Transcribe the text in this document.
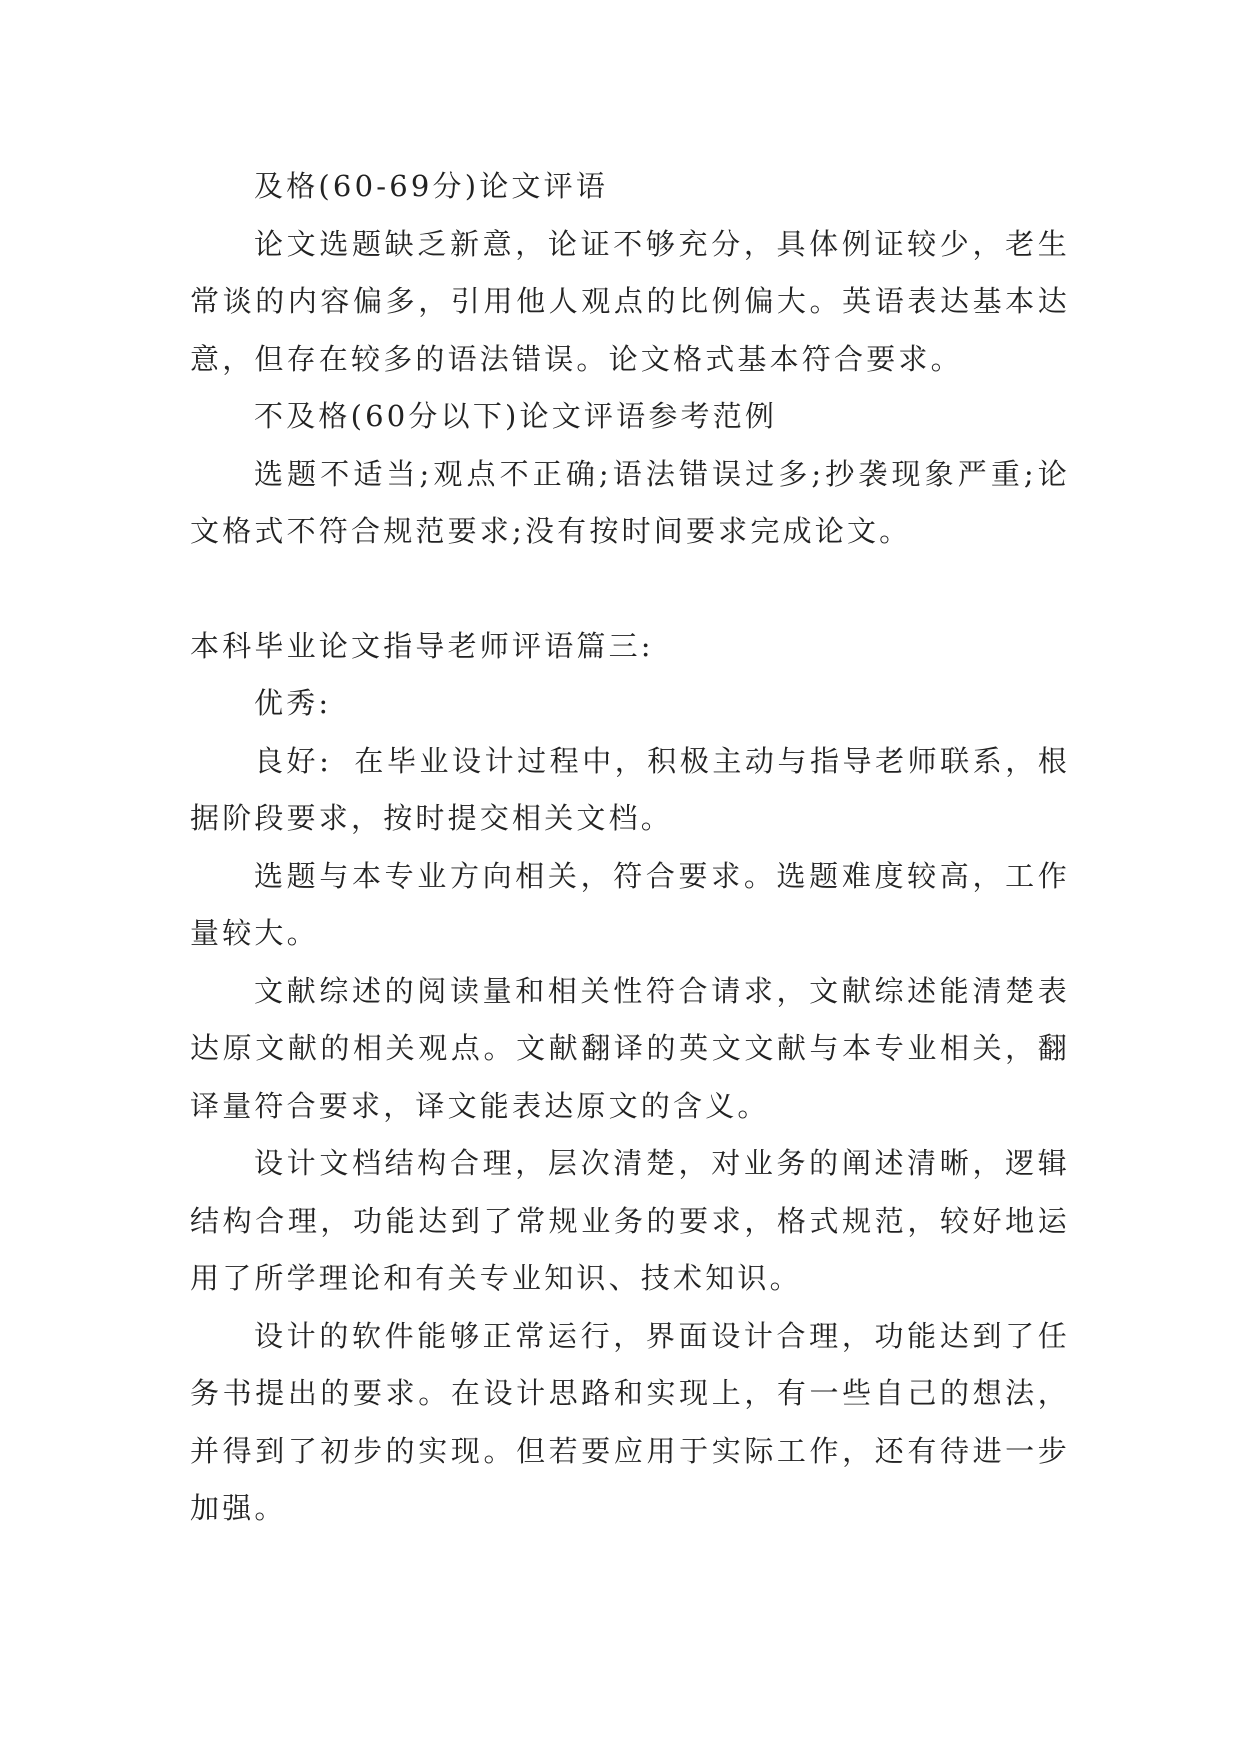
及格(60-69分)论文评语

论文选题缺乏新意，论证不够充分，具体例证较少，老生常谈的内容偏多，引用他人观点的比例偏大。英语表达基本达意，但存在较多的语法错误。论文格式基本符合要求。

不及格(60分以下)论文评语参考范例

选题不适当;观点不正确;语法错误过多;抄袭现象严重;论文格式不符合规范要求;没有按时间要求完成论文。

本科毕业论文指导老师评语篇三:

优秀:

良好: 在毕业设计过程中，积极主动与指导老师联系，根据阶段要求，按时提交相关文档。

选题与本专业方向相关，符合要求。选题难度较高，工作量较大。

文献综述的阅读量和相关性符合请求，文献综述能清楚表达原文献的相关观点。文献翻译的英文文献与本专业相关，翻译量符合要求，译文能表达原文的含义。

设计文档结构合理，层次清楚，对业务的阐述清晰，逻辑结构合理，功能达到了常规业务的要求，格式规范，较好地运用了所学理论和有关专业知识、技术知识。

设计的软件能够正常运行，界面设计合理，功能达到了任务书提出的要求。在设计思路和实现上，有一些自己的想法，并得到了初步的实现。但若要应用于实际工作，还有待进一步加强。
